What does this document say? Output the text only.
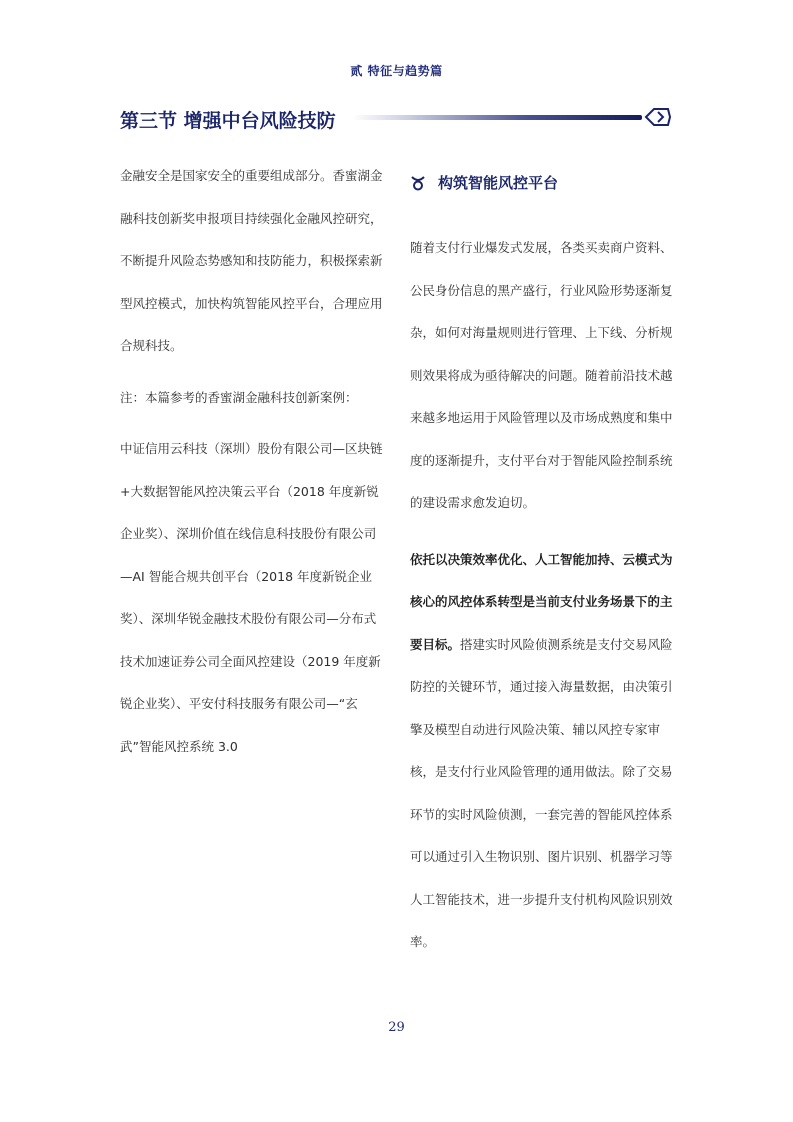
贰 特征与趋势篇
第三节 增强中台风险技防

金融安全是国家安全的重要组成部分。香蜜湖金融科技创新奖申报项目持续强化金融风控研究，不断提升风险态势感知和技防能力，积极探索新型风控模式，加快构筑智能风控平台，合理应用合规科技。

注：本篇参考的香蜜湖金融科技创新案例：

中证信用云科技（深圳）股份有限公司—区块链+大数据智能风控决策云平台（2018 年度新锐企业奖）、深圳价值在线信息科技股份有限公司—AI 智能合规共创平台（2018 年度新锐企业奖）、深圳华锐金融技术股份有限公司—分布式技术加速证券公司全面风控建设（2019 年度新锐企业奖）、平安付科技服务有限公司—“玄武”智能风控系统 3.0

构筑智能风控平台

随着支付行业爆发式发展，各类买卖商户资料、公民身份信息的黑产盛行，行业风险形势逐渐复杂，如何对海量规则进行管理、上下线、分析规则效果将成为亟待解决的问题。随着前沿技术越来越多地运用于风险管理以及市场成熟度和集中度的逐渐提升，支付平台对于智能风险控制系统的建设需求愈发迫切。

依托以决策效率优化、人工智能加持、云模式为核心的风控体系转型是当前支付业务场景下的主要目标。搭建实时风险侦测系统是支付交易风险防控的关键环节，通过接入海量数据，由决策引擎及模型自动进行风险决策、辅以风控专家审核，是支付行业风险管理的通用做法。除了交易环节的实时风险侦测，一套完善的智能风控体系可以通过引入生物识别、图片识别、机器学习等人工智能技术，进一步提升支付机构风险识别效率。

29
